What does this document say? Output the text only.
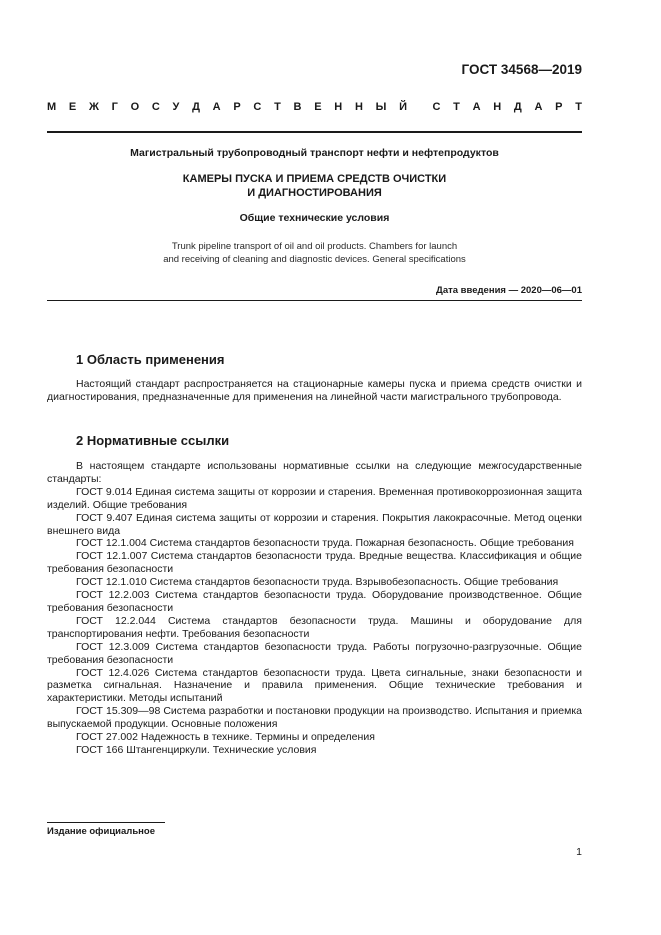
ГОСТ 34568—2019
М Е Ж Г О С У Д А Р С Т В Е Н Н Ы Й С Т А Н Д А Р Т
Магистральный трубопроводный транспорт нефти и нефтепродуктов
КАМЕРЫ ПУСКА И ПРИЕМА СРЕДСТВ ОЧИСТКИ
И ДИАГНОСТИРОВАНИЯ
Общие технические условия
Trunk pipeline transport of oil and oil products. Chambers for launch
and receiving of cleaning and diagnostic devices. General specifications
Дата введения — 2020—06—01
1 Область применения

Настоящий стандарт распространяется на стационарные камеры пуска и приема средств очистки и диагностирования, предназначенные для применения на линейной части магистрального трубопровода.

2 Нормативные ссылки

В настоящем стандарте использованы нормативные ссылки на следующие межгосударственные стандарты:

ГОСТ 9.014 Единая система защиты от коррозии и старения. Временная противокоррозионная защита изделий. Общие требования

ГОСТ 9.407 Единая система защиты от коррозии и старения. Покрытия лакокрасочные. Метод оценки внешнего вида

ГОСТ 12.1.004 Система стандартов безопасности труда. Пожарная безопасность. Общие требования

ГОСТ 12.1.007 Система стандартов безопасности труда. Вредные вещества. Классификация и общие требования безопасности

ГОСТ 12.1.010 Система стандартов безопасности труда. Взрывобезопасность. Общие требования

ГОСТ 12.2.003 Система стандартов безопасности труда. Оборудование производственное. Общие требования безопасности

ГОСТ 12.2.044 Система стандартов безопасности труда. Машины и оборудование для транспортирования нефти. Требования безопасности

ГОСТ 12.3.009 Система стандартов безопасности труда. Работы погрузочно-разгрузочные. Общие требования безопасности

ГОСТ 12.4.026 Система стандартов безопасности труда. Цвета сигнальные, знаки безопасности и разметка сигнальная. Назначение и правила применения. Общие технические требования и характеристики. Методы испытаний

ГОСТ 15.309—98 Система разработки и постановки продукции на производство. Испытания и приемка выпускаемой продукции. Основные положения

ГОСТ 27.002 Надежность в технике. Термины и определения

ГОСТ 166 Штангенциркули. Технические условия

Издание официальное
1
